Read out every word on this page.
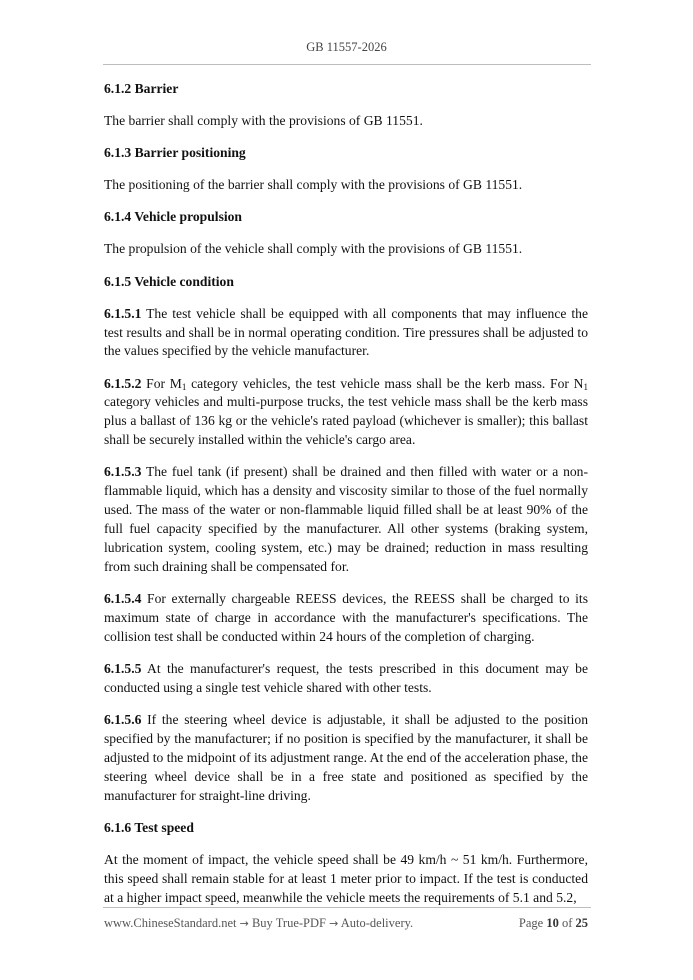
GB 11557-2026
6.1.2 Barrier

The barrier shall comply with the provisions of GB 11551.

6.1.3 Barrier positioning

The positioning of the barrier shall comply with the provisions of GB 11551.

6.1.4 Vehicle propulsion

The propulsion of the vehicle shall comply with the provisions of GB 11551.

6.1.5 Vehicle condition

6.1.5.1 The test vehicle shall be equipped with all components that may influence the test results and shall be in normal operating condition. Tire pressures shall be adjusted to the values specified by the vehicle manufacturer.

6.1.5.2 For $M_1$ category vehicles, the test vehicle mass shall be the kerb mass. For $N_1$ category vehicles and multi-purpose trucks, the test vehicle mass shall be the kerb mass plus a ballast of 136 kg or the vehicle's rated payload (whichever is smaller); this ballast shall be securely installed within the vehicle's cargo area.

6.1.5.3 The fuel tank (if present) shall be drained and then filled with water or a non-flammable liquid, which has a density and viscosity similar to those of the fuel normally used. The mass of the water or non-flammable liquid filled shall be at least 90% of the full fuel capacity specified by the manufacturer. All other systems (braking system, lubrication system, cooling system, etc.) may be drained; reduction in mass resulting from such draining shall be compensated for.

6.1.5.4 For externally chargeable REESS devices, the REESS shall be charged to its maximum state of charge in accordance with the manufacturer's specifications. The collision test shall be conducted within 24 hours of the completion of charging.

6.1.5.5 At the manufacturer's request, the tests prescribed in this document may be conducted using a single test vehicle shared with other tests.

6.1.5.6 If the steering wheel device is adjustable, it shall be adjusted to the position specified by the manufacturer; if no position is specified by the manufacturer, it shall be adjusted to the midpoint of its adjustment range. At the end of the acceleration phase, the steering wheel device shall be in a free state and positioned as specified by the manufacturer for straight-line driving.

6.1.6 Test speed

At the moment of impact, the vehicle speed shall be 49 km/h ~ 51 km/h. Furthermore, this speed shall remain stable for at least 1 meter prior to impact. If the test is conducted at a higher impact speed, meanwhile the vehicle meets the requirements of 5.1 and 5.2,

www.ChineseStandard.net → Buy True-PDF → Auto-delivery.	Page 10 of 25
